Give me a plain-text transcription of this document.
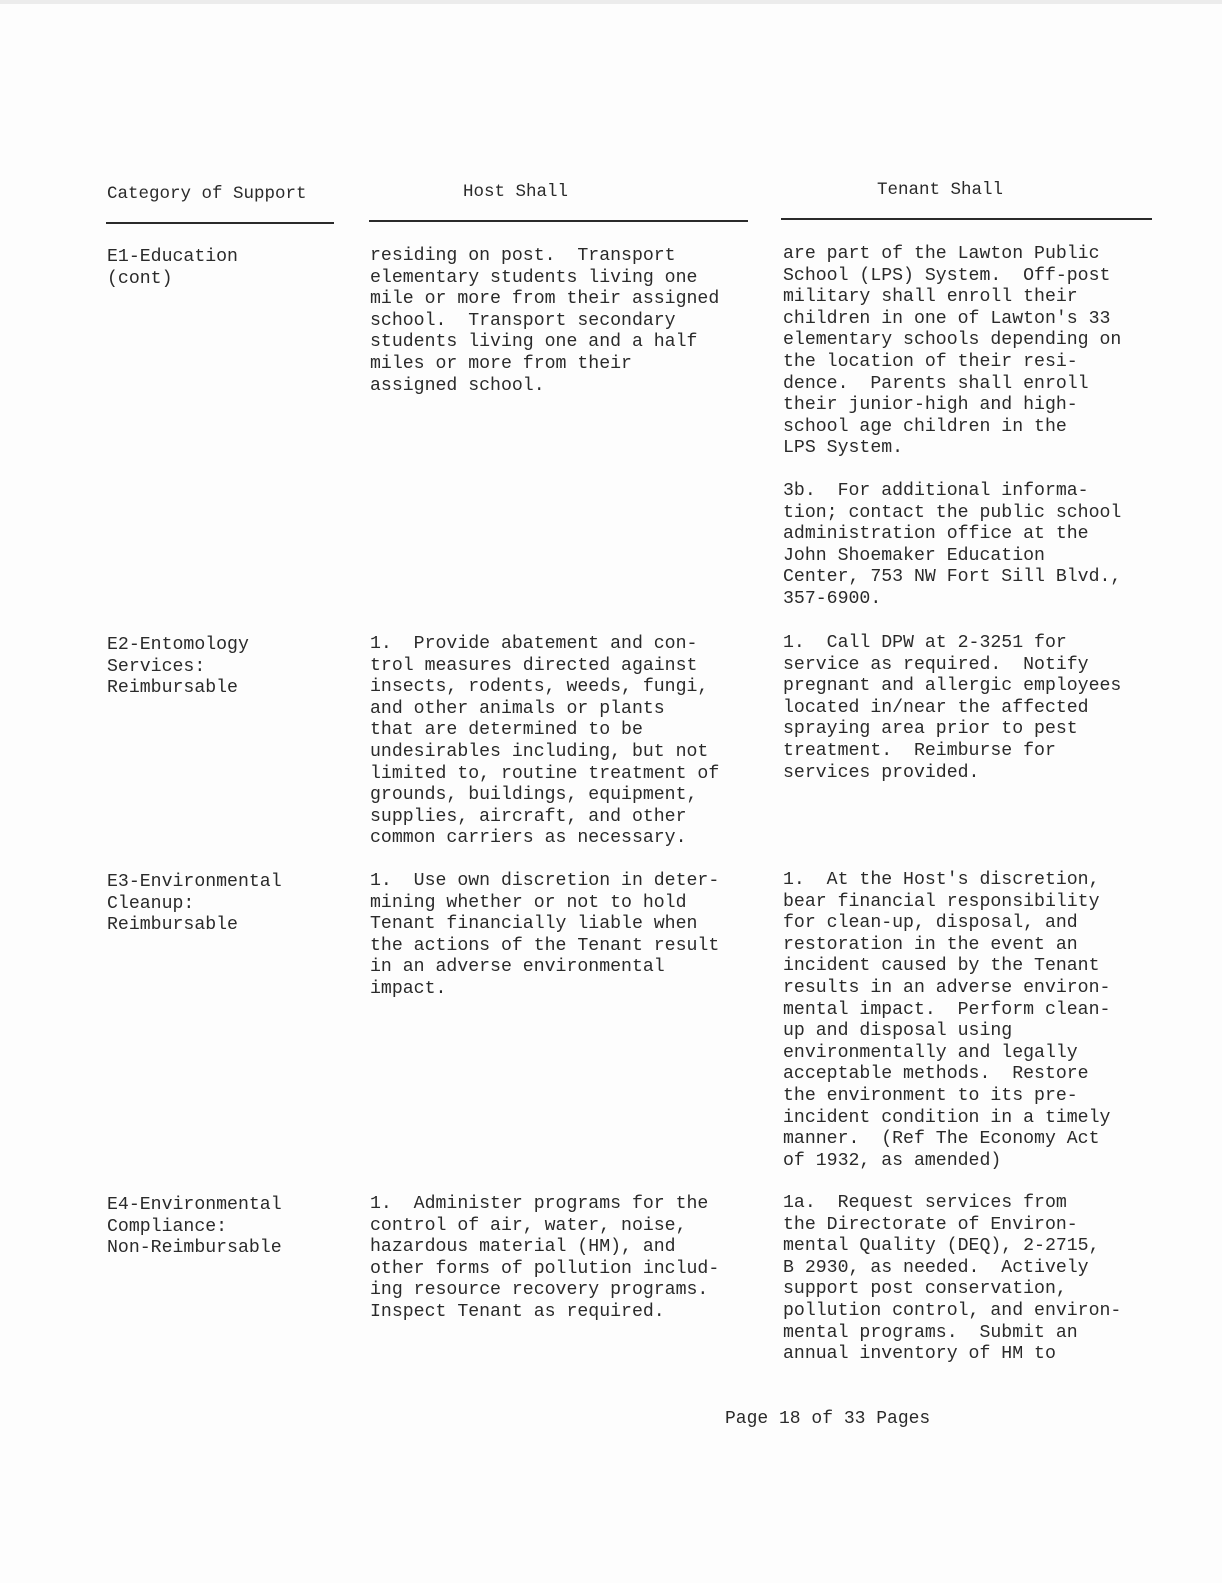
Category of Support	Host Shall	Tenant Shall
E1-Education
(cont)
residing on post.  Transport
elementary students living one
mile or more from their assigned
school.  Transport secondary
students living one and a half
miles or more from their
assigned school.
are part of the Lawton Public
School (LPS) System.  Off-post
military shall enroll their
children in one of Lawton's 33
elementary schools depending on
the location of their resi-
dence.  Parents shall enroll
their junior-high and high-
school age children in the
LPS System.
3b.  For additional informa-
tion; contact the public school
administration office at the
John Shoemaker Education
Center, 753 NW Fort Sill Blvd.,
357-6900.
E2-Entomology
Services:
Reimbursable
1.  Provide abatement and con-
trol measures directed against
insects, rodents, weeds, fungi,
and other animals or plants
that are determined to be
undesirables including, but not
limited to, routine treatment of
grounds, buildings, equipment,
supplies, aircraft, and other
common carriers as necessary.
1.  Call DPW at 2-3251 for
service as required.  Notify
pregnant and allergic employees
located in/near the affected
spraying area prior to pest
treatment.  Reimburse for
services provided.
E3-Environmental
Cleanup:
Reimbursable
1.  Use own discretion in deter-
mining whether or not to hold
Tenant financially liable when
the actions of the Tenant result
in an adverse environmental
impact.
1.  At the Host's discretion,
bear financial responsibility
for clean-up, disposal, and
restoration in the event an
incident caused by the Tenant
results in an adverse environ-
mental impact.  Perform clean-
up and disposal using
environmentally and legally
acceptable methods.  Restore
the environment to its pre-
incident condition in a timely
manner.  (Ref The Economy Act
of 1932, as amended)
E4-Environmental
Compliance:
Non-Reimbursable
1.  Administer programs for the
control of air, water, noise,
hazardous material (HM), and
other forms of pollution includ-
ing resource recovery programs.
Inspect Tenant as required.
1a.  Request services from
the Directorate of Environ-
mental Quality (DEQ), 2-2715,
B 2930, as needed.  Actively
support post conservation,
pollution control, and environ-
mental programs.  Submit an
annual inventory of HM to
Page 18 of 33 Pages
